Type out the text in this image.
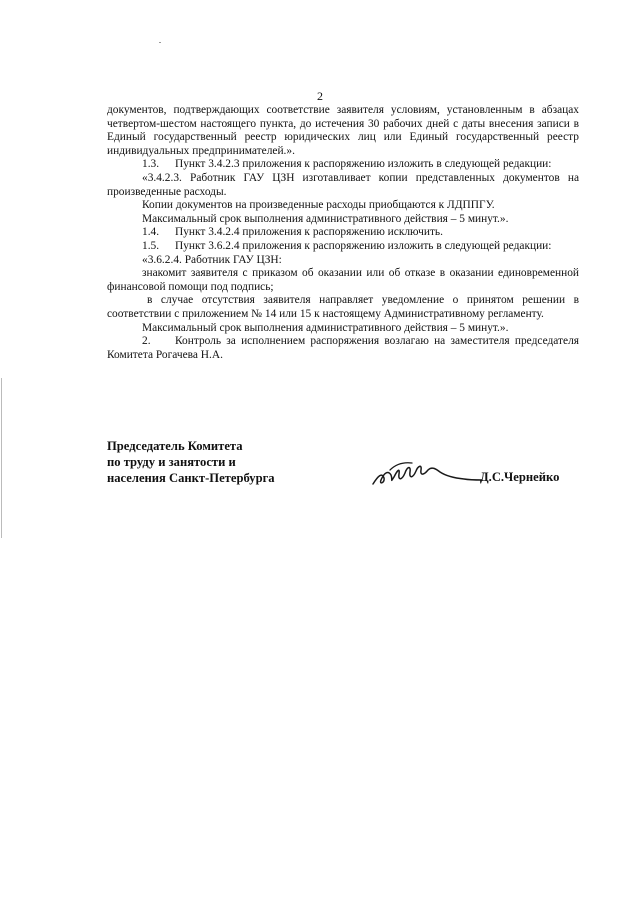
2

документов, подтверждающих соответствие заявителя условиям, установленным в абзацах четвертом-шестом настоящего пункта, до истечения 30 рабочих дней с даты внесения записи в Единый государственный реестр юридических лиц или Единый государственный реестр индивидуальных предпринимателей.».

1.3. Пункт 3.4.2.3 приложения к распоряжению изложить в следующей редакции:

«3.4.2.3. Работник ГАУ ЦЗН изготавливает копии представленных документов на произведенные расходы.

Копии документов на произведенные расходы приобщаются к ЛДППГУ.

Максимальный срок выполнения административного действия – 5 минут.».

1.4. Пункт 3.4.2.4 приложения к распоряжению исключить.

1.5. Пункт 3.6.2.4 приложения к распоряжению изложить в следующей редакции:

«3.6.2.4. Работник ГАУ ЦЗН:

знакомит заявителя с приказом об оказании или об отказе в оказании единовременной финансовой помощи под подпись;

в случае отсутствия заявителя направляет уведомление о принятом решении в соответствии с приложением № 14 или 15 к настоящему Административному регламенту.

Максимальный срок выполнения административного действия – 5 минут.».

2. Контроль за исполнением распоряжения возлагаю на заместителя председателя Комитета Рогачева Н.А.

Председатель Комитета
по труду и занятости и
населения Санкт-Петербурга	Д.С.Чернейко
